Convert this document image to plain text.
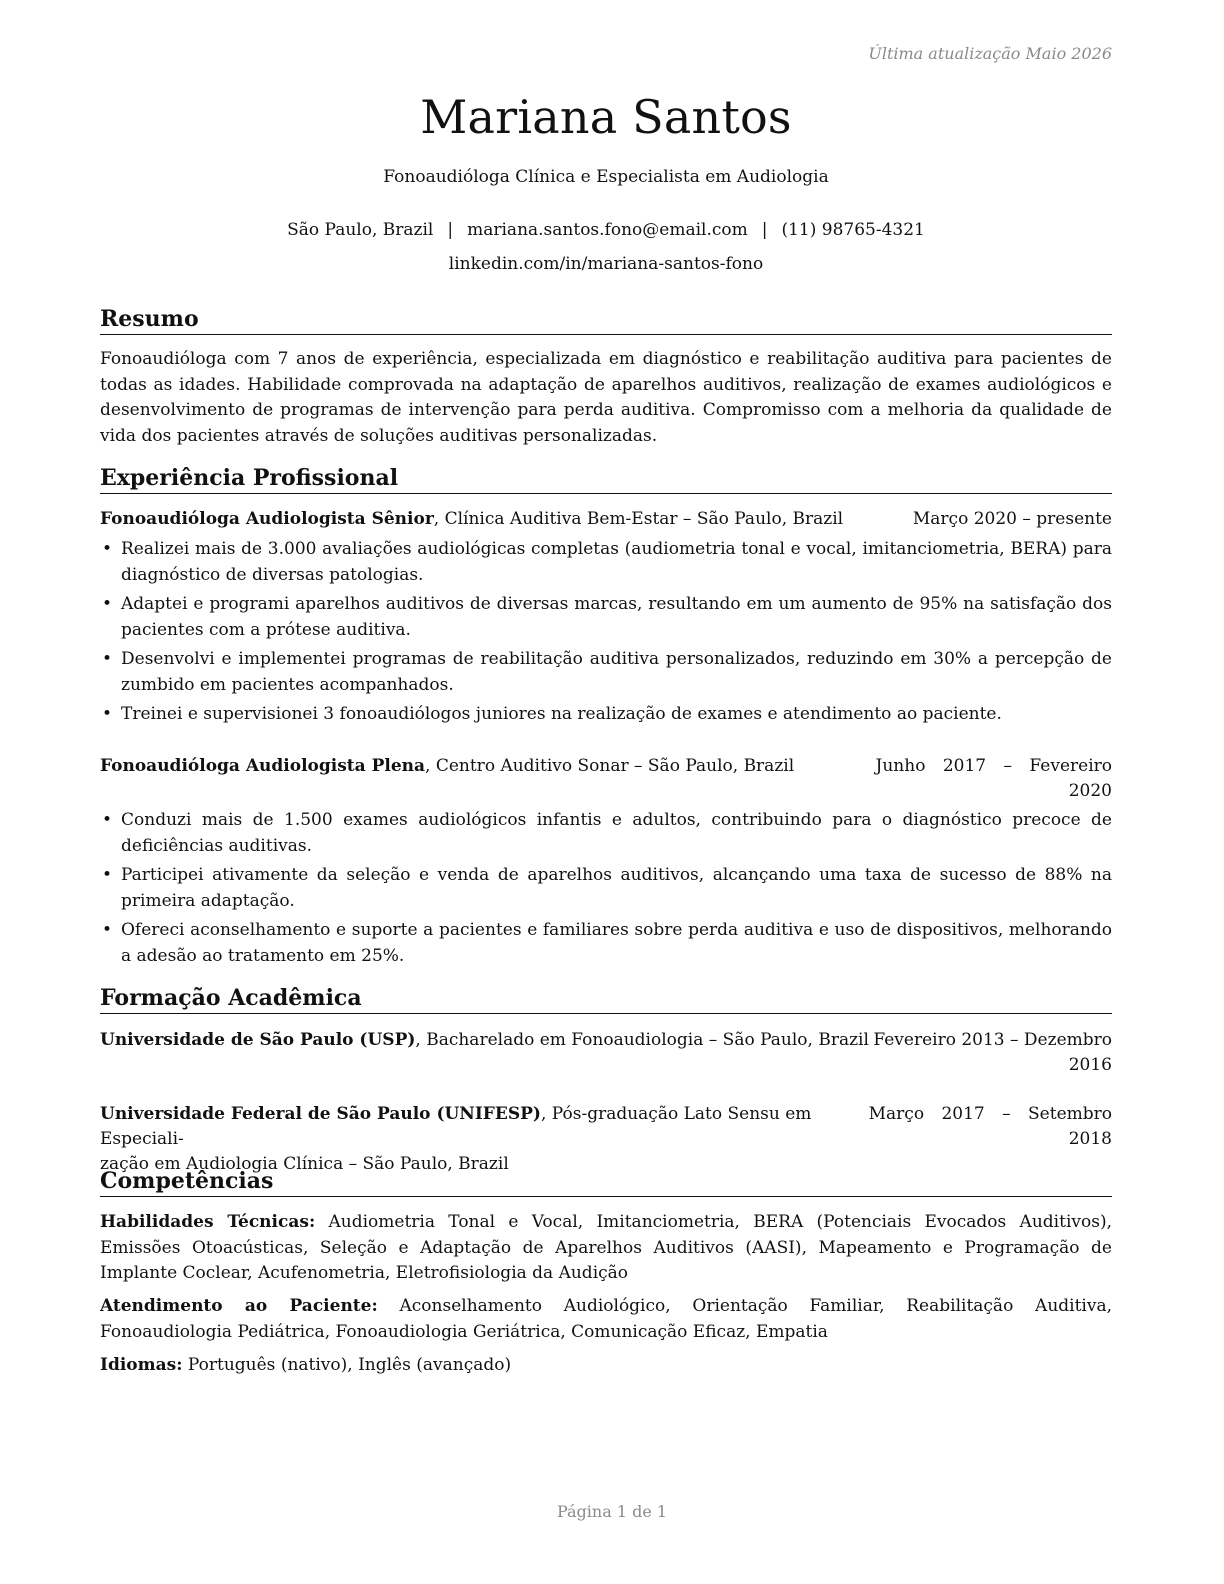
Última atualização Maio 2026
Mariana Santos
Fonoaudióloga Clínica e Especialista em Audiologia
São Paulo, Brazil | mariana.santos.fono@email.com | (11) 98765-4321
linkedin.com/in/mariana-santos-fono
Resumo
Fonoaudióloga com 7 anos de experiência, especializada em diagnóstico e reabilitação auditiva para pacientes de todas as idades. Habilidade comprovada na adaptação de aparelhos auditivos, realização de exames audiológicos e desenvolvimento de programas de intervenção para perda auditiva. Compromisso com a melhoria da qualidade de vida dos pacientes através de soluções auditivas personalizadas.
Experiência Profissional
Fonoaudióloga Audiologista Sênior, Clínica Auditiva Bem-Estar – São Paulo, Brazil	Março 2020 – presente
• Realizei mais de 3.000 avaliações audiológicas completas (audiometria tonal e vocal, imitanciometria, BERA) para diagnóstico de diversas patologias.
• Adaptei e programi aparelhos auditivos de diversas marcas, resultando em um aumento de 95% na satisfação dos pacientes com a prótese auditiva.
• Desenvolvi e implementei programas de reabilitação auditiva personalizados, reduzindo em 30% a percepção de zumbido em pacientes acompanhados.
• Treinei e supervisionei 3 fonoaudiólogos juniores na realização de exames e atendimento ao paciente.
Fonoaudióloga Audiologista Plena, Centro Auditivo Sonar – São Paulo, Brazil	Junho 2017 – Fevereiro
2020
• Conduzi mais de 1.500 exames audiológicos infantis e adultos, contribuindo para o diagnóstico precoce de deficiências auditivas.
• Participei ativamente da seleção e venda de aparelhos auditivos, alcançando uma taxa de sucesso de 88% na primeira adaptação.
• Ofereci aconselhamento e suporte a pacientes e familiares sobre perda auditiva e uso de dispositivos, melhorando a adesão ao tratamento em 25%.
Formação Acadêmica
Universidade de São Paulo (USP), Bacharelado em Fonoaudiologia – São Paulo, Brazil Fevereiro 2013 – Dezembro
2016
Universidade Federal de São Paulo (UNIFESP), Pós-graduação Lato Sensu em Especiali-
zação em Audiologia Clínica – São Paulo, Brazil
Março 2017 – Setembro
2018
Competências
Habilidades Técnicas: Audiometria Tonal e Vocal, Imitanciometria, BERA (Potenciais Evocados Auditivos), Emissões Otoacústicas, Seleção e Adaptação de Aparelhos Auditivos (AASI), Mapeamento e Programação de Implante Coclear, Acufenometria, Eletrofisiologia da Audição
Atendimento ao Paciente: Aconselhamento Audiológico, Orientação Familiar, Reabilitação Auditiva, Fonoaudiologia Pediátrica, Fonoaudiologia Geriátrica, Comunicação Eficaz, Empatia
Idiomas: Português (nativo), Inglês (avançado)
Página 1 de 1
